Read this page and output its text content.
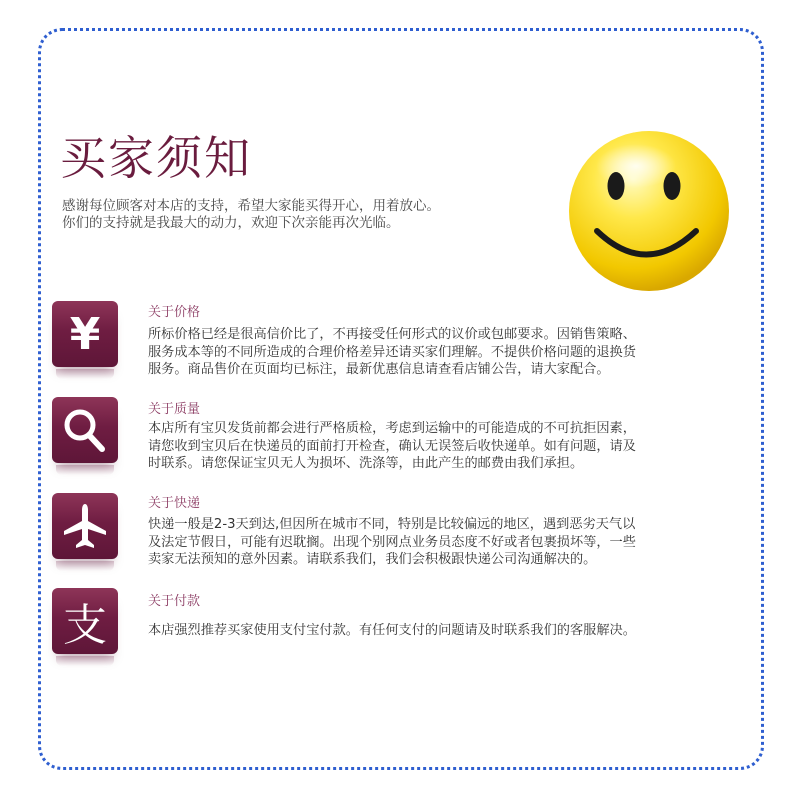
买家须知
感谢每位顾客对本店的支持，希望大家能买得开心，用着放心。
你们的支持就是我最大的动力，欢迎下次亲能再次光临。
¥	关于价格
所标价格已经是很高信价比了，不再接受任何形式的议价或包邮要求。因销售策略、
服务成本等的不同所造成的合理价格差异还请买家们理解。不提供价格问题的退换货
服务。商品售价在页面均已标注，最新优惠信息请查看店铺公告，请大家配合。
关于质量
本店所有宝贝发货前都会进行严格质检，考虑到运输中的可能造成的不可抗拒因素，
请您收到宝贝后在快递员的面前打开检查，确认无误签后收快递单。如有问题，请及
时联系。请您保证宝贝无人为损坏、洗涤等，由此产生的邮费由我们承担。
关于快递
快递一般是2-3天到达,但因所在城市不同，特别是比较偏远的地区，遇到恶劣天气以
及法定节假日，可能有迟耽搁。出现个别网点业务员态度不好或者包裹损坏等，一些
卖家无法预知的意外因素。请联系我们，我们会积极跟快递公司沟通解决的。
支	关于付款
本店强烈推荐买家使用支付宝付款。有任何支付的问题请及时联系我们的客服解决。
